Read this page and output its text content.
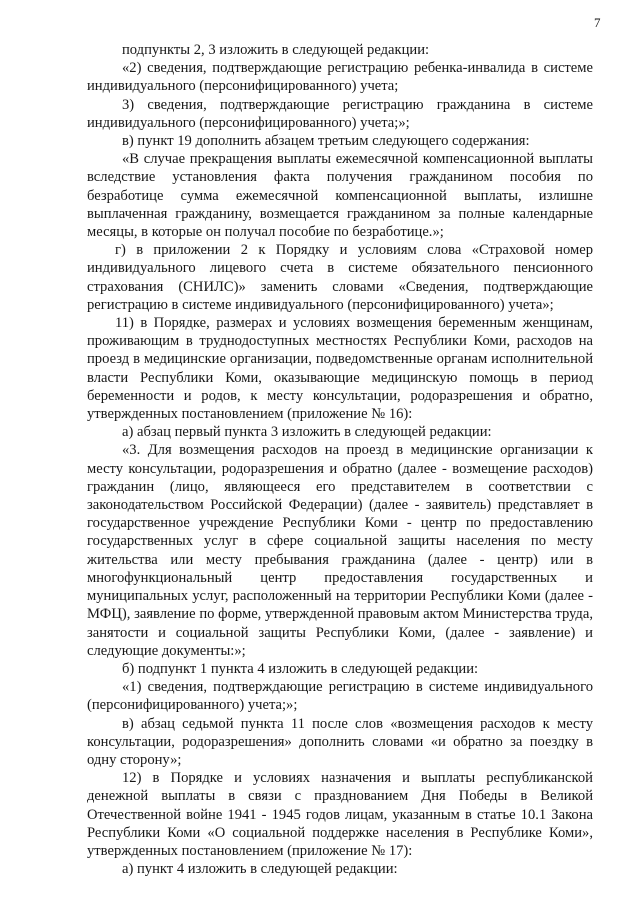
7

подпункты 2, 3 изложить в следующей редакции:

«2) сведения, подтверждающие регистрацию ребенка-инвалида в системе индивидуального (персонифицированного) учета;

3) сведения, подтверждающие регистрацию гражданина в системе индивидуального (персонифицированного) учета;»;

в) пункт 19 дополнить абзацем третьим следующего содержания:

«В случае прекращения выплаты ежемесячной компенсационной выплаты вследствие установления факта получения гражданином пособия по безработице сумма ежемесячной компенсационной выплаты, излишне выплаченная гражданину, возмещается гражданином за полные календарные месяцы, в которые он получал пособие по безработице.»;

г) в приложении 2 к Порядку и условиям слова «Страховой номер индивидуального лицевого счета в системе обязательного пенсионного страхования (СНИЛС)» заменить словами «Сведения, подтверждающие регистрацию в системе индивидуального (персонифицированного) учета»;

11) в Порядке, размерах и условиях возмещения беременным женщинам, проживающим в труднодоступных местностях Республики Коми, расходов на проезд в медицинские организации, подведомственные органам исполнительной власти Республики Коми, оказывающие медицинскую помощь в период беременности и родов, к месту консультации, родоразрешения и обратно, утвержденных постановлением (приложение № 16):

а) абзац первый пункта 3 изложить в следующей редакции:

«3. Для возмещения расходов на проезд в медицинские организации к месту консультации, родоразрешения и обратно (далее - возмещение расходов) гражданин (лицо, являющееся его представителем в соответствии с законодательством Российской Федерации) (далее - заявитель) представляет в государственное учреждение Республики Коми - центр по предоставлению государственных услуг в сфере социальной защиты населения по месту жительства или месту пребывания гражданина (далее - центр) или в многофункциональный центр предоставления государственных и муниципальных услуг, расположенный на территории Республики Коми (далее - МФЦ), заявление по форме, утвержденной правовым актом Министерства труда, занятости и социальной защиты Республики Коми, (далее - заявление) и следующие документы:»;

б) подпункт 1 пункта 4 изложить в следующей редакции:

«1) сведения, подтверждающие регистрацию в системе индивидуального (персонифицированного) учета;»;

в) абзац седьмой пункта 11 после слов «возмещения расходов к месту консультации, родоразрешения» дополнить словами «и обратно за поездку в одну сторону»;

12) в Порядке и условиях назначения и выплаты республиканской денежной выплаты в связи с празднованием Дня Победы в Великой Отечественной войне 1941 - 1945 годов лицам, указанным в статье 10.1 Закона Республики Коми «О социальной поддержке населения в Республике Коми», утвержденных постановлением (приложение № 17):

а) пункт 4 изложить в следующей редакции:
